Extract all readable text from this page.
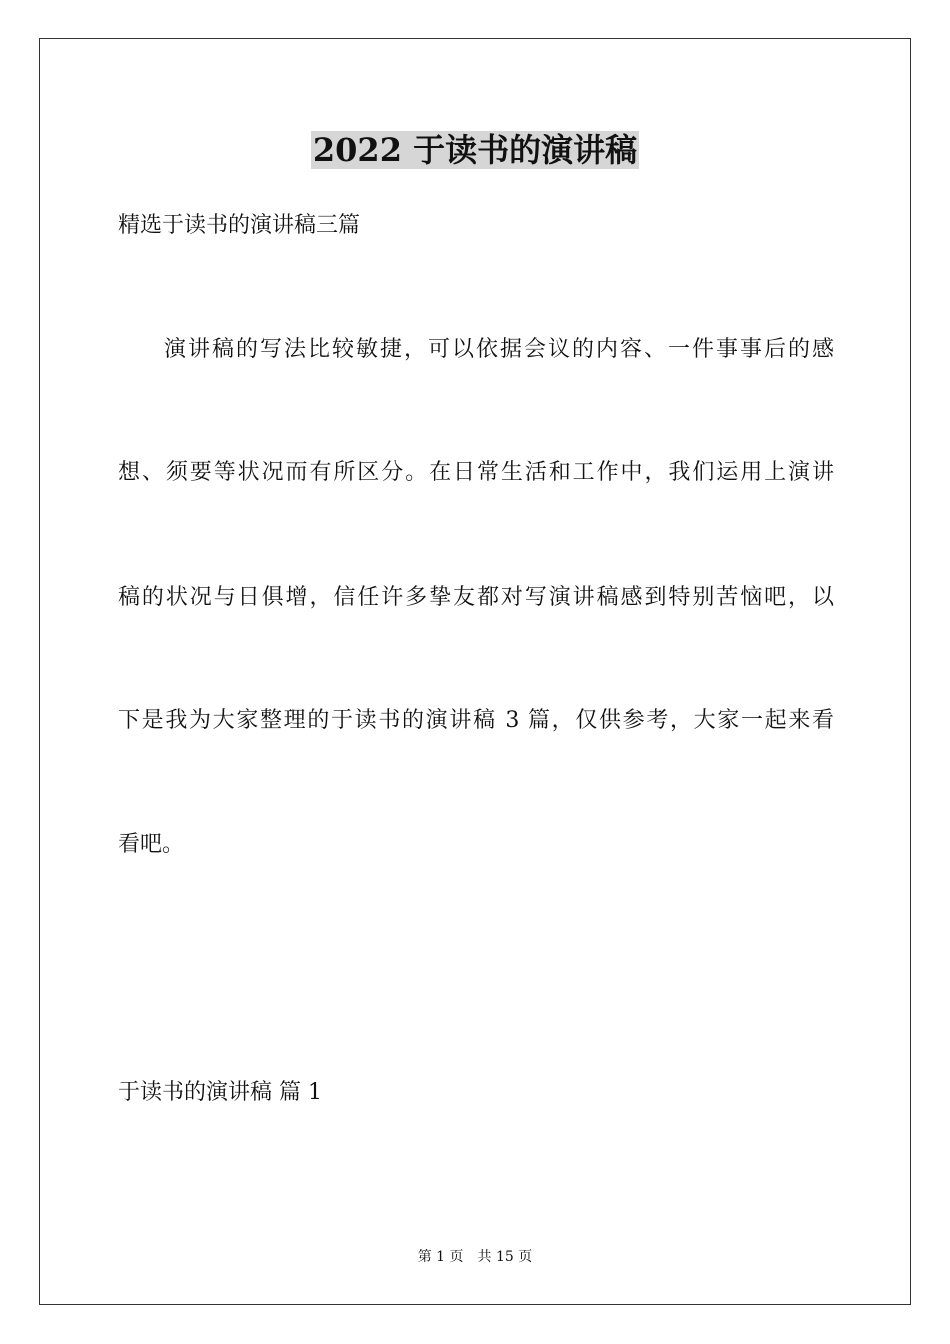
2022 于读书的演讲稿
精选于读书的演讲稿三篇
演讲稿的写法比较敏捷，可以依据会议的内容、一件事事后的感
想、须要等状况而有所区分。在日常生活和工作中，我们运用上演讲
稿的状况与日俱增，信任许多挚友都对写演讲稿感到特别苦恼吧，以
下是我为大家整理的于读书的演讲稿 3 篇，仅供参考，大家一起来看
看吧。
于读书的演讲稿 篇 1
第 1 页 共 15 页
